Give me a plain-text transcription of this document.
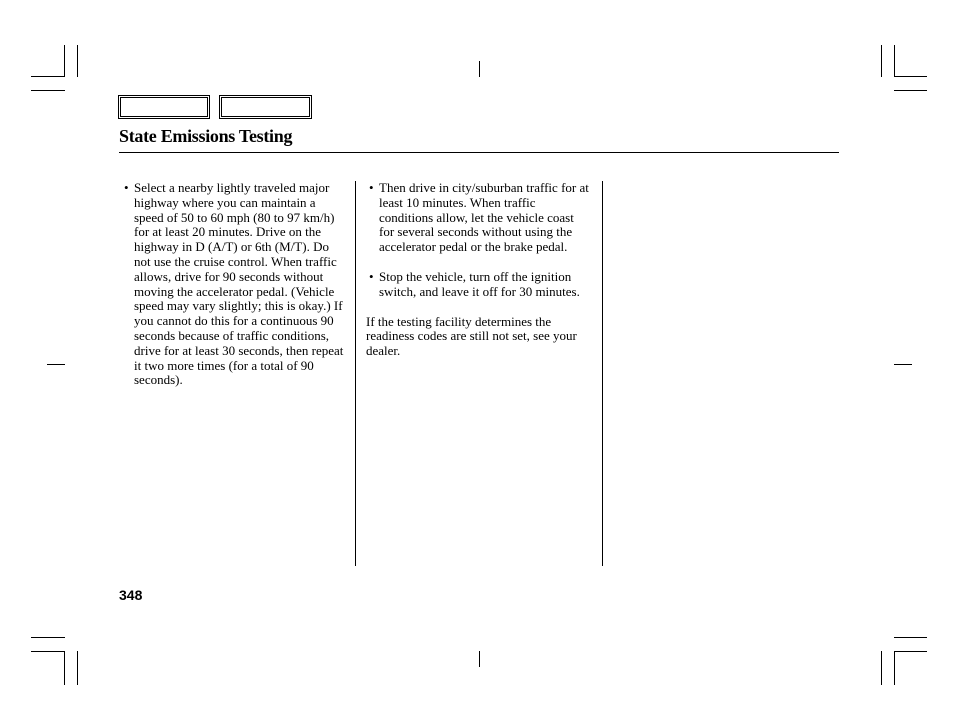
State Emissions Testing
• Select a nearby lightly traveled major highway where you can maintain a speed of 50 to 60 mph (80 to 97 km/h) for at least 20 minutes. Drive on the highway in D (A/T) or 6th (M/T). Do not use the cruise control. When traffic allows, drive for 90 seconds without moving the accelerator pedal. (Vehicle speed may vary slightly; this is okay.) If you cannot do this for a continuous 90 seconds because of traffic conditions, drive for at least 30 seconds, then repeat it two more times (for a total of 90 seconds).
• Then drive in city/suburban traffic for at least 10 minutes. When traffic conditions allow, let the vehicle coast for several seconds without using the accelerator pedal or the brake pedal.
• Stop the vehicle, turn off the ignition switch, and leave it off for 30 minutes.
If the testing facility determines the readiness codes are still not set, see your dealer.
348
